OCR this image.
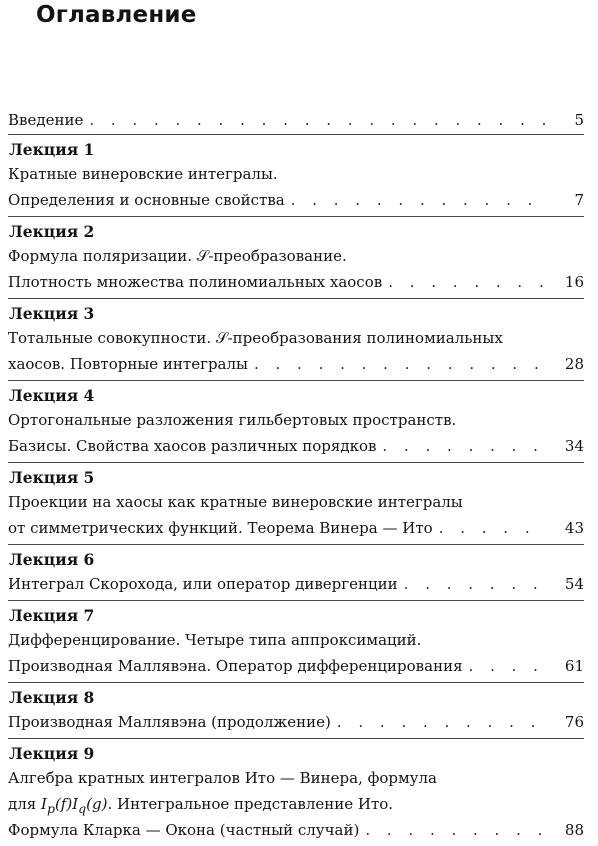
Оглавление
Введение . . .	5
Лекция 1
Кратные винеровские интегралы.
Определения и основные свойства . . .	7
Лекция 2
Формула поляризации. 𝒮-преобразование.
Плотность множества полиномиальных хаосов . . .	16
Лекция 3
Тотальные совокупности. 𝒮-преобразования полиномиальных
хаосов. Повторные интегралы . . .	28
Лекция 4
Ортогональные разложения гильбертовых пространств.
Базисы. Свойства хаосов различных порядков . . .	34
Лекция 5
Проекции на хаосы как кратные винеровские интегралы
от симметрических функций. Теорема Винера — Ито . . .	43
Лекция 6
Интеграл Скорохода, или оператор дивергенции . . .	54
Лекция 7
Дифференцирование. Четыре типа аппроксимаций.
Производная Маллявэна. Оператор дифференцирования . . .	61
Лекция 8
Производная Маллявэна (продолжение) . . .	76
Лекция 9
Алгебра кратных интегралов Ито — Винера, формула
для $I_p(f)I_q(g)$. Интегральное представление Ито.
Формула Кларка — Окона (частный случай) . . .	88
